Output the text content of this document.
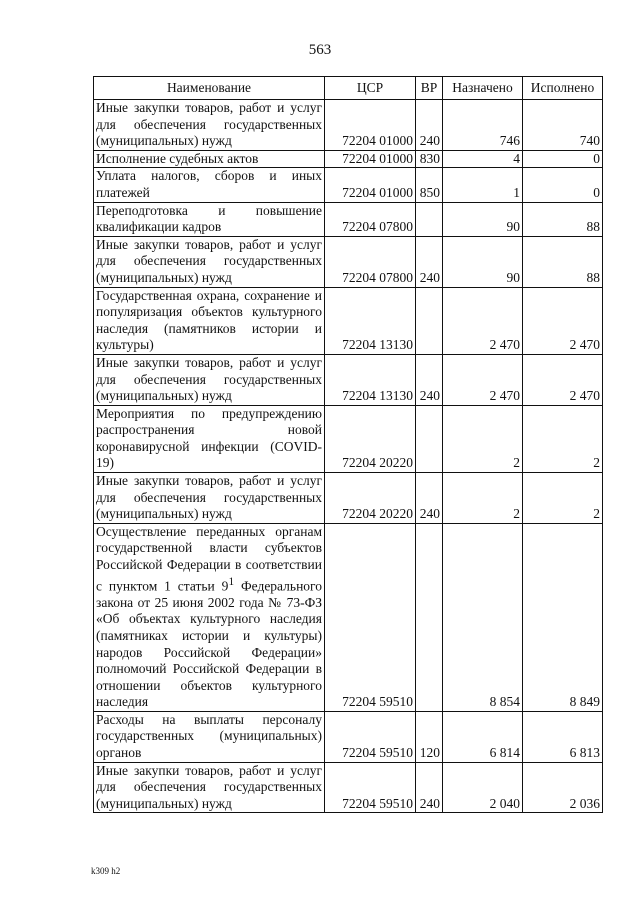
563
Наименование	ЦСР	ВР	Назначено	Исполнено
Иные закупки товаров, работ и услуг для обеспечения государственных (муниципальных) нужд	72204 01000	240	746	740
Исполнение судебных актов	72204 01000	830	4	0
Уплата налогов, сборов и иных платежей	72204 01000	850	1	0
Переподготовка и повышение квалификации кадров	72204 07800		90	88
Иные закупки товаров, работ и услуг для обеспечения государственных (муниципальных) нужд	72204 07800	240	90	88
Государственная охрана, сохранение и популяризация объектов культурного наследия (памятников истории и культуры)	72204 13130		2 470	2 470
Иные закупки товаров, работ и услуг для обеспечения государственных (муниципальных) нужд	72204 13130	240	2 470	2 470
Мероприятия по предупреждению распространения новой коронавирусной инфекции (COVID-19)	72204 20220		2	2
Иные закупки товаров, работ и услуг для обеспечения государственных (муниципальных) нужд	72204 20220	240	2	2
Осуществление переданных органам государственной власти субъектов Российской Федерации в соответствии с пунктом 1 статьи $9^1$ Федерального закона от 25 июня 2002 года № 73-ФЗ «Об объектах культурного наследия (памятниках истории и культуры) народов Российской Федерации» полномочий Российской Федерации в отношении объектов культурного наследия	72204 59510		8 854	8 849
Расходы на выплаты персоналу государственных (муниципальных) органов	72204 59510	120	6 814	6 813
Иные закупки товаров, работ и услуг для обеспечения государственных (муниципальных) нужд	72204 59510	240	2 040	2 036
k309 h2
